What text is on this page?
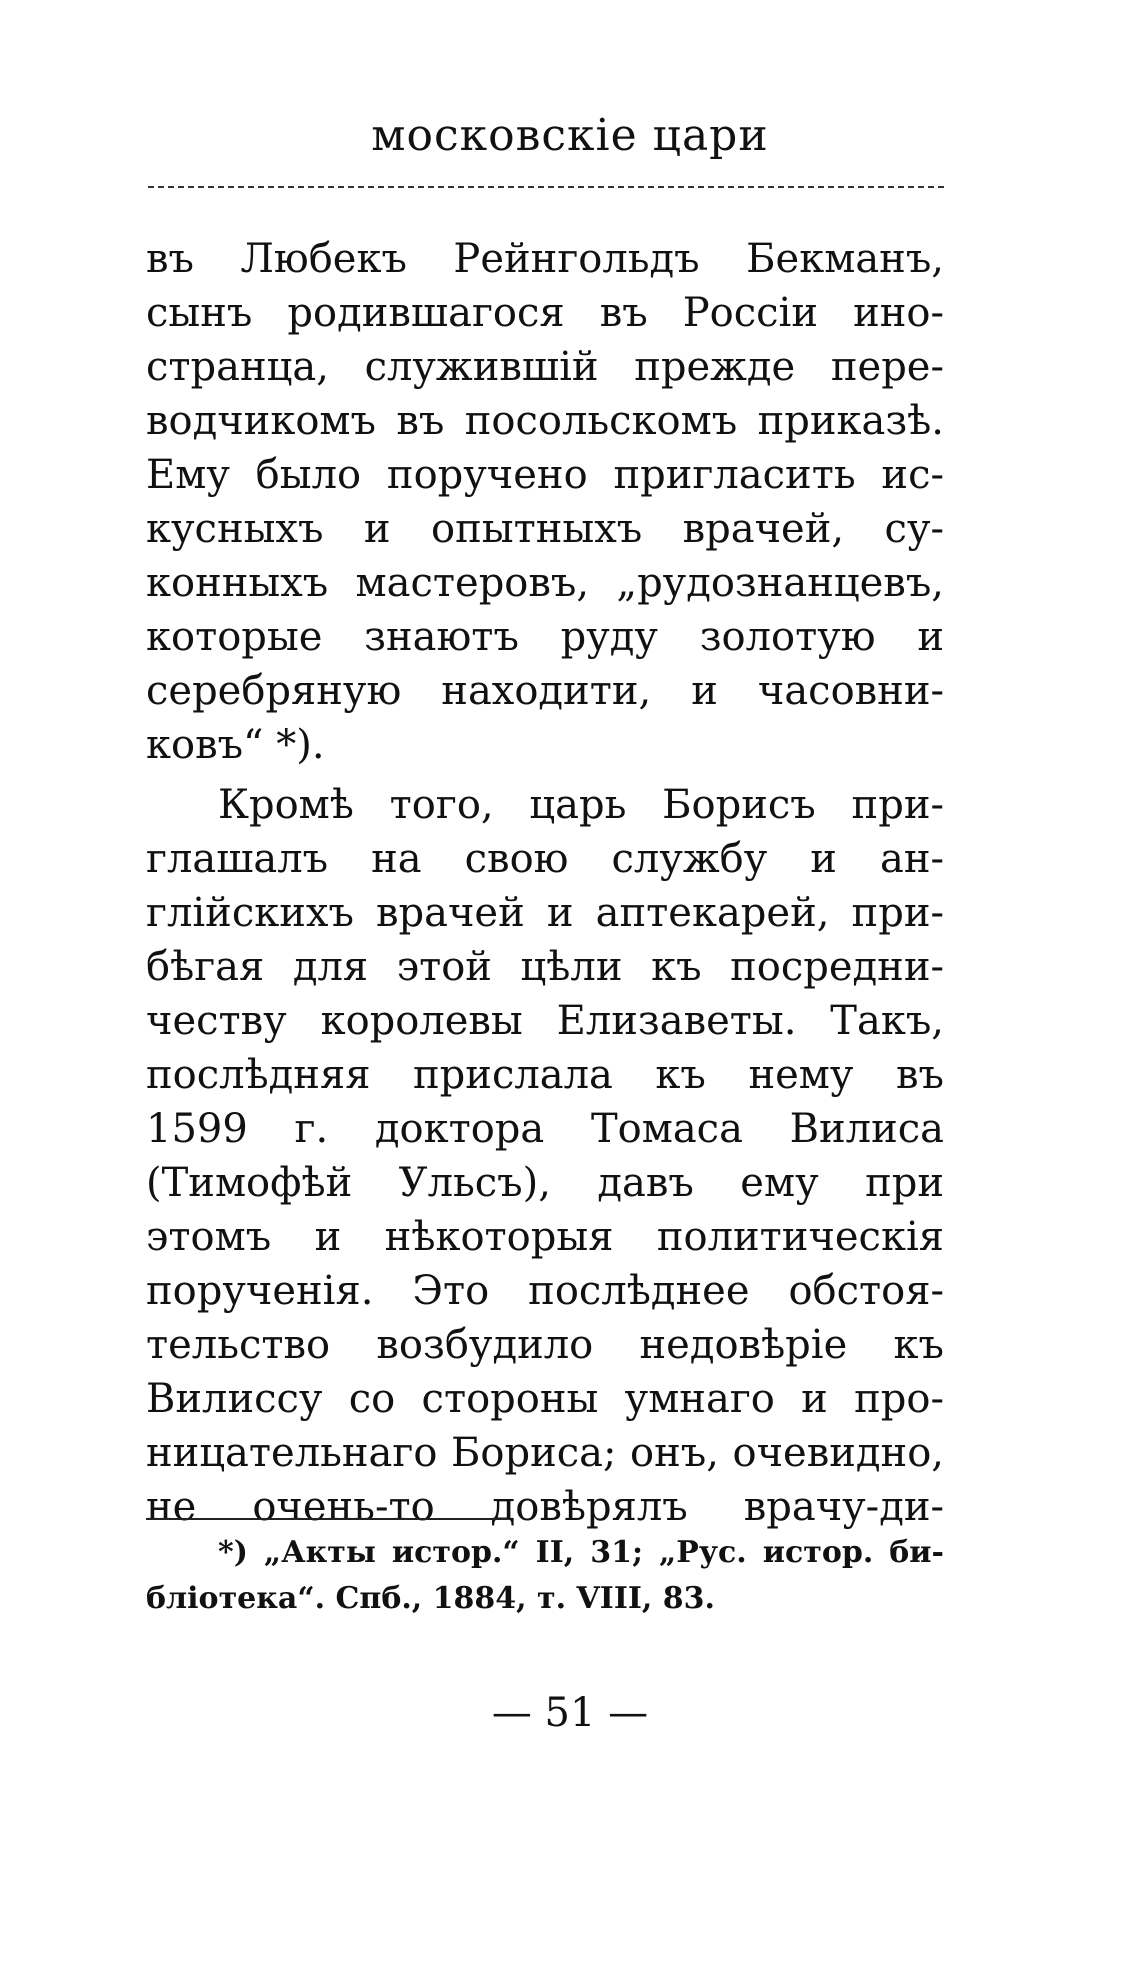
московскіе цари
въ Любекъ Рейнгольдъ Бекманъ,
сынъ родившагося въ Россіи ино-
странца, служившій прежде пере-
водчикомъ въ посольскомъ приказѣ.
Ему было поручено пригласить ис-
кусныхъ и опытныхъ врачей, су-
конныхъ мастеровъ, „рудознанцевъ,
которые знаютъ руду золотую и
серебряную находити, и часовни-
ковъ“ *).
Кромѣ того, царь Борисъ при-
глашалъ на свою службу и ан-
глійскихъ врачей и аптекарей, при-
бѣгая для этой цѣли къ посредни-
честву королевы Елизаветы. Такъ,
послѣдняя прислала къ нему въ
1599 г. доктора Томаса Вилиса
(Тимофѣй Ульсъ), давъ ему при
этомъ и нѣкоторыя политическія
порученія. Это послѣднее обстоя-
тельство возбудило недовѣріе къ
Вилиссу со стороны умнаго и про-
ницательнаго Бориса; онъ, очевидно,
не очень-то довѣрялъ врачу-ди-
*) „Акты истор.“ II, 31; „Рус. истор. би-
бліотека“. Спб., 1884, т. VIII, 83.
— 51 —
